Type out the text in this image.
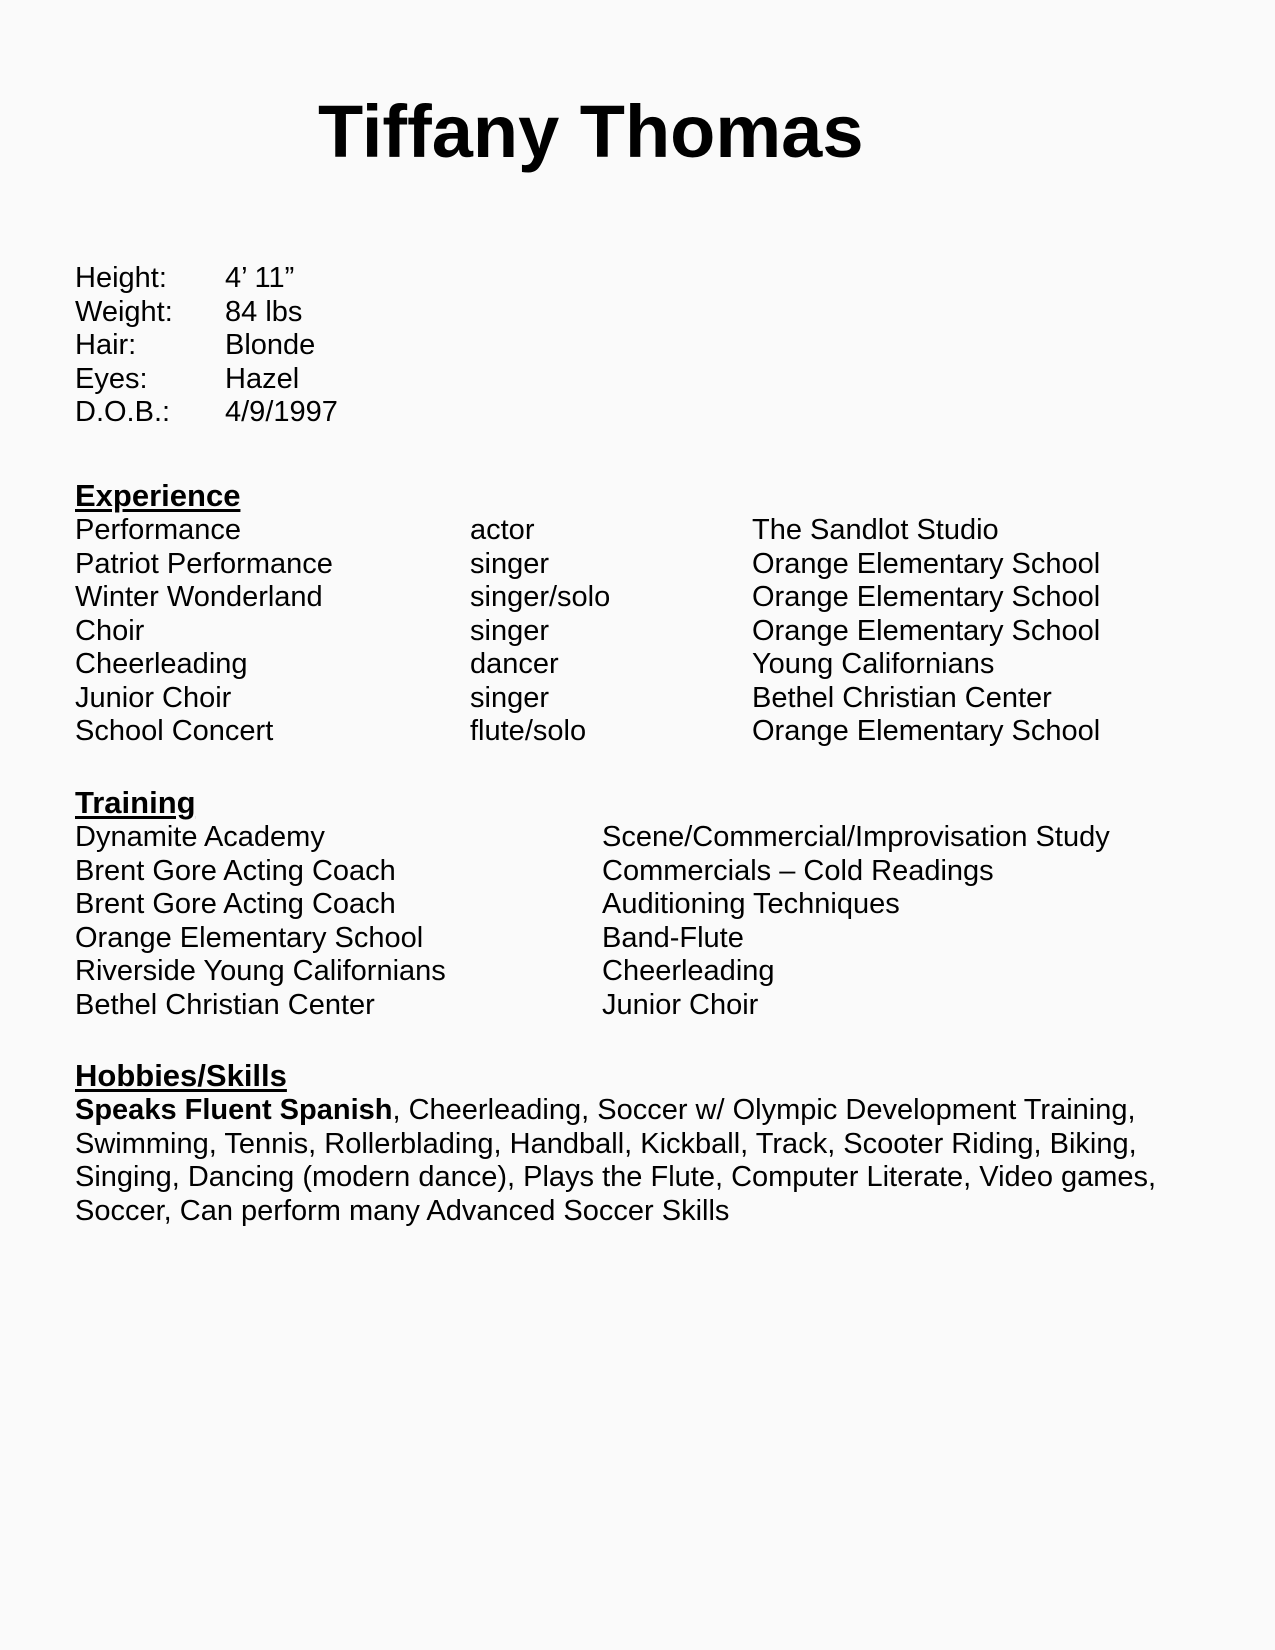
Tiffany Thomas
Height:	4’ 11”
Weight:	84 lbs
Hair:	Blonde
Eyes:	Hazel
D.O.B.:	4/9/1997
Experience
Performance	actor	The Sandlot Studio
Patriot Performance	singer	Orange Elementary School
Winter Wonderland	singer/solo	Orange Elementary School
Choir	singer	Orange Elementary School
Cheerleading	dancer	Young Californians
Junior Choir	singer	Bethel Christian Center
School Concert	flute/solo	Orange Elementary School
Training
Dynamite Academy	Scene/Commercial/Improvisation Study
Brent Gore Acting Coach	Commercials – Cold Readings
Brent Gore Acting Coach	Auditioning Techniques
Orange Elementary School	Band-Flute
Riverside Young Californians	Cheerleading
Bethel Christian Center	Junior Choir
Hobbies/Skills

Speaks Fluent Spanish, Cheerleading, Soccer w/ Olympic Development Training, Swimming, Tennis, Rollerblading, Handball, Kickball, Track, Scooter Riding, Biking, Singing, Dancing (modern dance), Plays the Flute, Computer Literate, Video games, Soccer, Can perform many Advanced Soccer Skills
